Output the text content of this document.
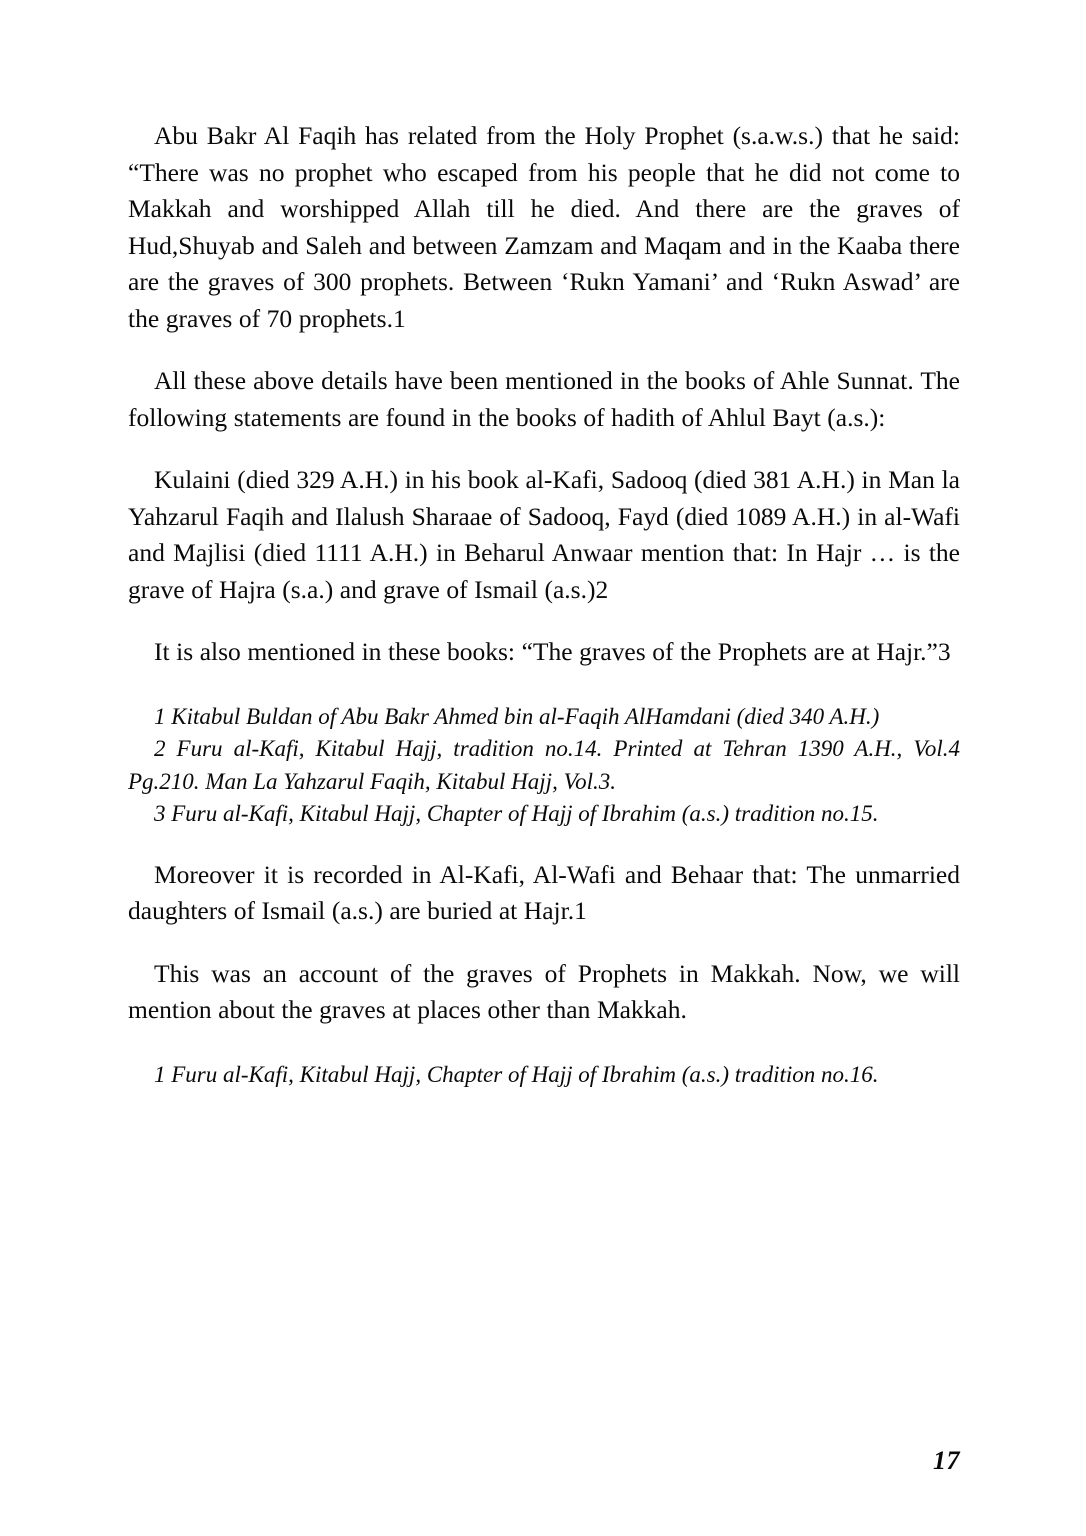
Abu Bakr Al Faqih has related from the Holy Prophet (s.a.w.s.) that he said: “There was no prophet who escaped from his people that he did not come to Makkah and worshipped Allah till he died. And there are the graves of Hud,Shuyab and Saleh and between Zamzam and Maqam and in the Kaaba there are the graves of 300 prophets. Between ‘Rukn Yamani’ and ‘Rukn Aswad’ are the graves of 70 prophets.1

All these above details have been mentioned in the books of Ahle Sunnat. The following statements are found in the books of hadith of Ahlul Bayt (a.s.):

Kulaini (died 329 A.H.) in his book al-Kafi, Sadooq (died 381 A.H.) in Man la Yahzarul Faqih and Ilalush Sharaae of Sadooq, Fayd (died 1089 A.H.) in al-Wafi and Majlisi (died 1111 A.H.) in Beharul Anwaar mention that: In Hajr … is the grave of Hajra (s.a.) and grave of Ismail (a.s.)2

It is also mentioned in these books: “The graves of the Prophets are at Hajr.”3

1 Kitabul Buldan of Abu Bakr Ahmed bin al-Faqih AlHamdani (died 340 A.H.)

2 Furu al-Kafi, Kitabul Hajj, tradition no.14. Printed at Tehran 1390 A.H., Vol.4 Pg.210. Man La Yahzarul Faqih, Kitabul Hajj, Vol.3.

3 Furu al-Kafi, Kitabul Hajj, Chapter of Hajj of Ibrahim (a.s.) tradition no.15.

Moreover it is recorded in Al-Kafi, Al-Wafi and Behaar that: The unmarried daughters of Ismail (a.s.) are buried at Hajr.1

This was an account of the graves of Prophets in Makkah. Now, we will mention about the graves at places other than Makkah.

1 Furu al-Kafi, Kitabul Hajj, Chapter of Hajj of Ibrahim (a.s.) tradition no.16.

17
